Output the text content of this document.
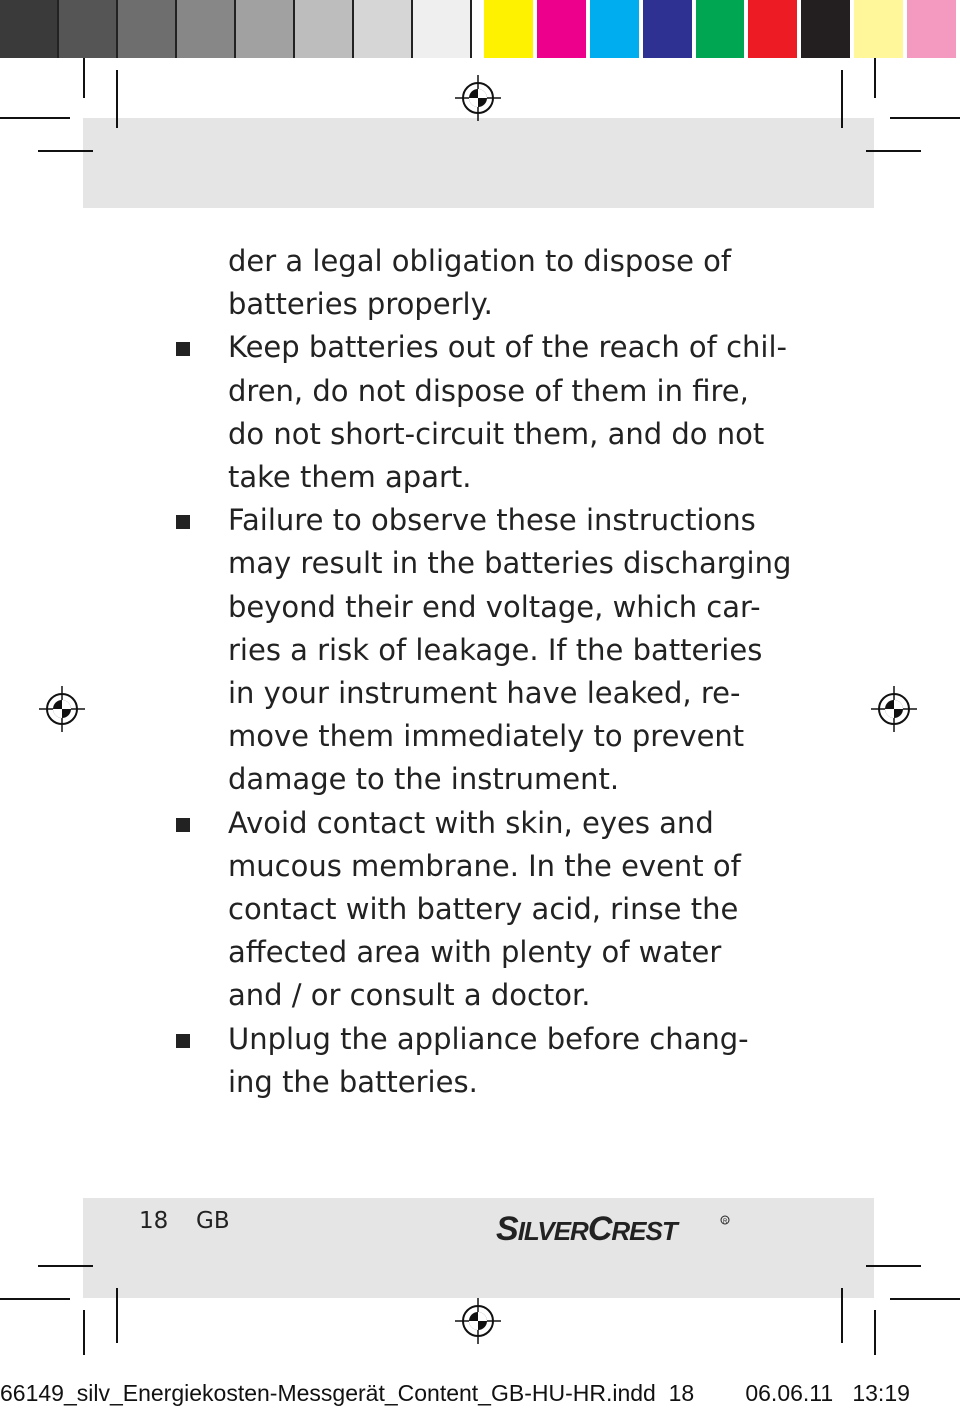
der a legal obligation to dispose of
batteries properly.
Keep batteries out of the reach of chil-
dren, do not dispose of them in fire,
do not short-circuit them, and do not
take them apart.
Failure to observe these instructions
may result in the batteries discharging
beyond their end voltage, which car-
ries a risk of leakage. If the batteries
in your instrument have leaked, re-
move them immediately to prevent
damage to the instrument.
Avoid contact with skin, eyes and
mucous membrane. In the event of
contact with battery acid, rinse the
affected area with plenty of water
and / or consult a doctor.
Unplug the appliance before chang-
ing the batteries.
18 GB	SILVERCREST	R
66149_silv_Energiekosten-Messgerät_Content_GB-HU-HR.indd 18 06.06.11 13:19
